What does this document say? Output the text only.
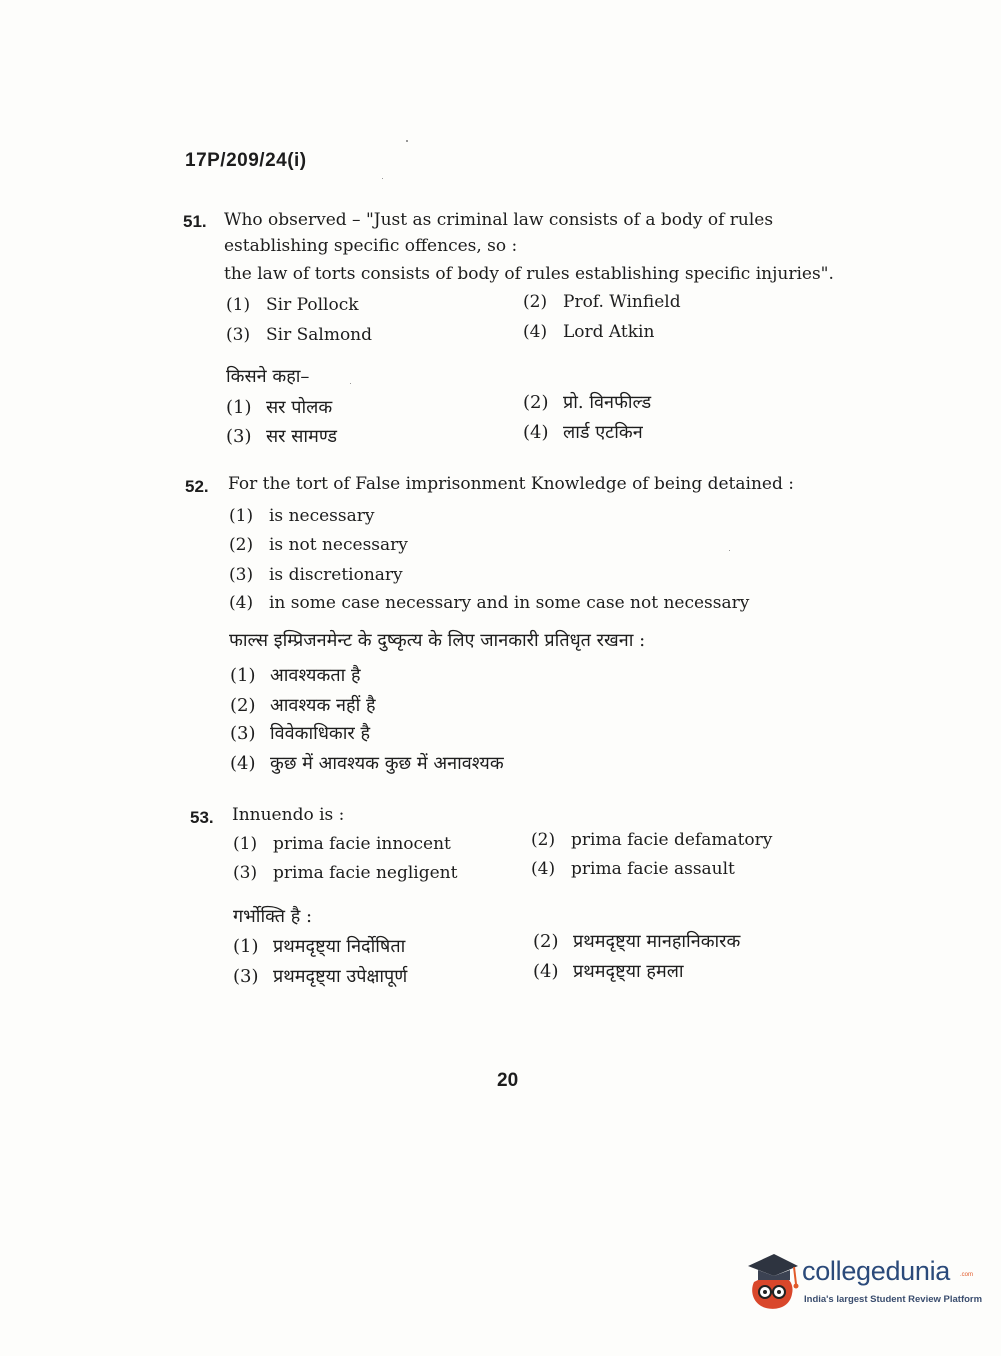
17P/209/24(i)
51. Who observed – "Just as criminal law consists of a body of rules
establishing specific offences, so :
the law of torts consists of body of rules establishing specific injuries".
(1) Sir Pollock	(2) Prof. Winfield
(3) Sir Salmond	(4) Lord Atkin
किसने कहा–
(1) सर पोलक	(2) प्रो. विनफील्ड
(3) सर सामण्ड	(4) लार्ड एटकिन
52. For the tort of False imprisonment Knowledge of being detained :
(1) is necessary
(2) is not necessary
(3) is discretionary
(4) in some case necessary and in some case not necessary
फाल्स इम्प्रिजनमेन्ट के दुष्कृत्य के लिए जानकारी प्रतिधृत रखना :
(1) आवश्यकता है
(2) आवश्यक नहीं है
(3) विवेकाधिकार है
(4) कुछ में आवश्यक कुछ में अनावश्यक
53. Innuendo is :
(1) prima facie innocent	(2) prima facie defamatory
(3) prima facie negligent	(4) prima facie assault
गर्भोक्ति है :
(1) प्रथमदृष्ट्या निर्दोषिता	(2) प्रथमदृष्ट्या मानहानिकारक
(3) प्रथमदृष्ट्या उपेक्षापूर्ण	(4) प्रथमदृष्ट्या हमला
20
collegedunia .com
India's largest Student Review Platform
